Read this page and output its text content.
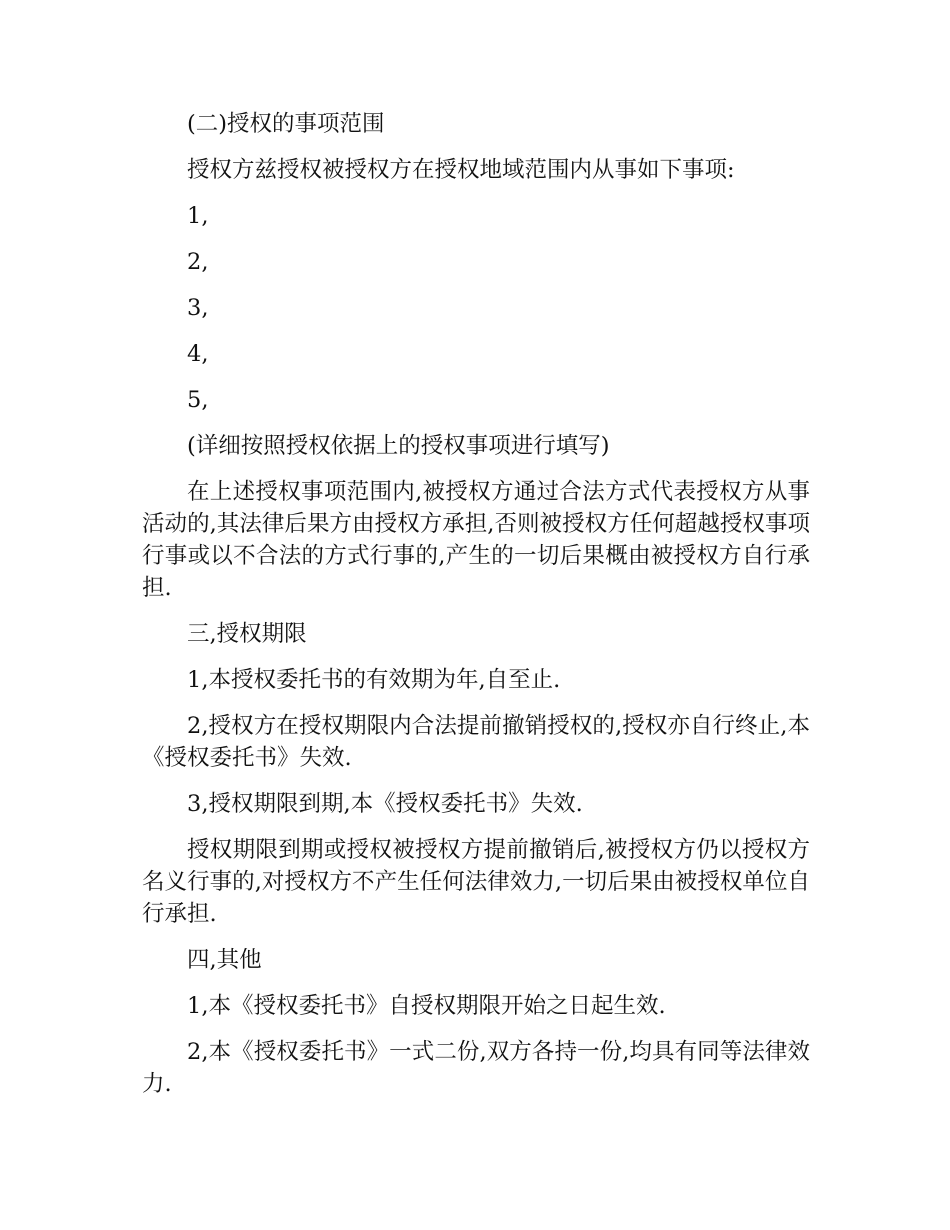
(二)授权的事项范围

授权方兹授权被授权方在授权地域范围内从事如下事项:

1,

2,

3,

4,

5,

(详细按照授权依据上的授权事项进行填写)

在上述授权事项范围内,被授权方通过合法方式代表授权方从事活动的,其法律后果方由授权方承担,否则被授权方任何超越授权事项行事或以不合法的方式行事的,产生的一切后果概由被授权方自行承担.

三,授权期限

1,本授权委托书的有效期为年,自至止.

2,授权方在授权期限内合法提前撤销授权的,授权亦自行终止,本《授权委托书》失效.

3,授权期限到期,本《授权委托书》失效.

授权期限到期或授权被授权方提前撤销后,被授权方仍以授权方名义行事的,对授权方不产生任何法律效力,一切后果由被授权单位自行承担.

四,其他

1,本《授权委托书》自授权期限开始之日起生效.

2,本《授权委托书》一式二份,双方各持一份,均具有同等法律效力.
